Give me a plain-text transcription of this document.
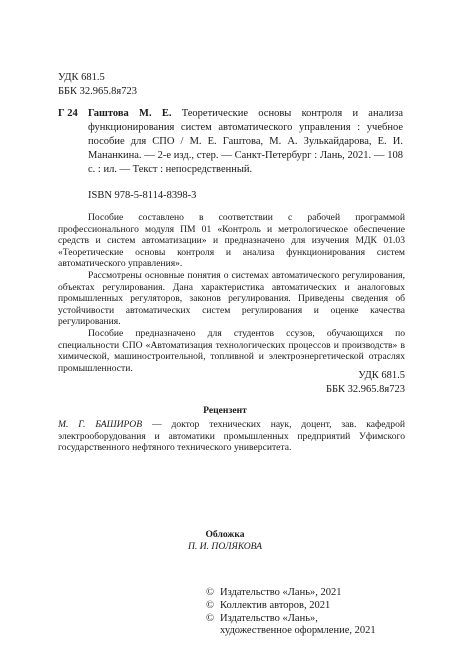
УДК 681.5
ББК 32.965.8я723
Г 24 Гаштова М. Е. Теоретические основы контроля и анализа функционирования систем автоматического управления : учебное пособие для СПО / М. Е. Гаштова, М. А. Зулькайдарова, Е. И. Мананкина. — 2-е изд., стер. — Санкт-Петербург : Лань, 2021. — 108 с. : ил. — Текст : непосредственный.
ISBN 978-5-8114-8398-3

Пособие составлено в соответствии с рабочей программой профессионального модуля ПМ 01 «Контроль и метрологическое обеспечение средств и систем автоматизации» и предназначено для изучения МДК 01.03 «Теоретические основы контроля и анализа функционирования систем автоматического управления».

Рассмотрены основные понятия о системах автоматического регулирования, объектах регулирования. Дана характеристика автоматических и аналоговых промышленных регуляторов, законов регулирования. Приведены сведения об устойчивости автоматических систем регулирования и оценке качества регулирования.

Пособие предназначено для студентов ссузов, обучающихся по специальности СПО «Автоматизация технологических процессов и производств» в химической, машиностроительной, топливной и электроэнергетической отраслях промышленности.

УДК 681.5
ББК 32.965.8я723
Рецензент
М. Г. БАШИРОВ — доктор технических наук, доцент, зав. кафедрой электрооборудования и автоматики промышленных предприятий Уфимского государственного нефтяного технического университета.
Обложка
П. И. ПОЛЯКОВА
© Издательство «Лань», 2021
© Коллектив авторов, 2021
© Издательство «Лань»,
художественное оформление, 2021
